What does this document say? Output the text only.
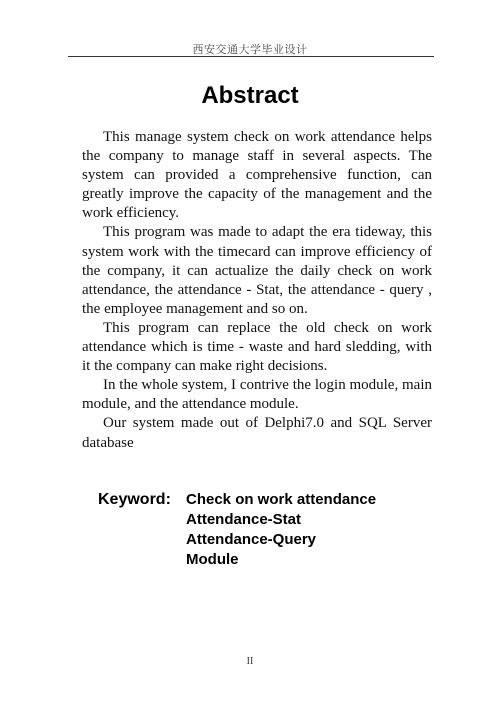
西安交通大学毕业设计
Abstract

This manage system check on work attendance helps the company to manage staff in several aspects. The system can provided a comprehensive function, can greatly improve the capacity of the management and the work efficiency.

This program was made to adapt the era tideway, this system work with the timecard can improve efficiency of the company, it can actualize the daily check on work attendance, the attendance - Stat, the attendance - query , the employee management and so on.

This program can replace the old check on work attendance which is time - waste and hard sledding, with it the company can make right decisions.

In the whole system, I contrive the login module, main module, and the attendance module.

Our system made out of Delphi7.0 and SQL Server database

Keyword:	Check on work attendance
Attendance-Stat
Attendance-Query
Module
II
